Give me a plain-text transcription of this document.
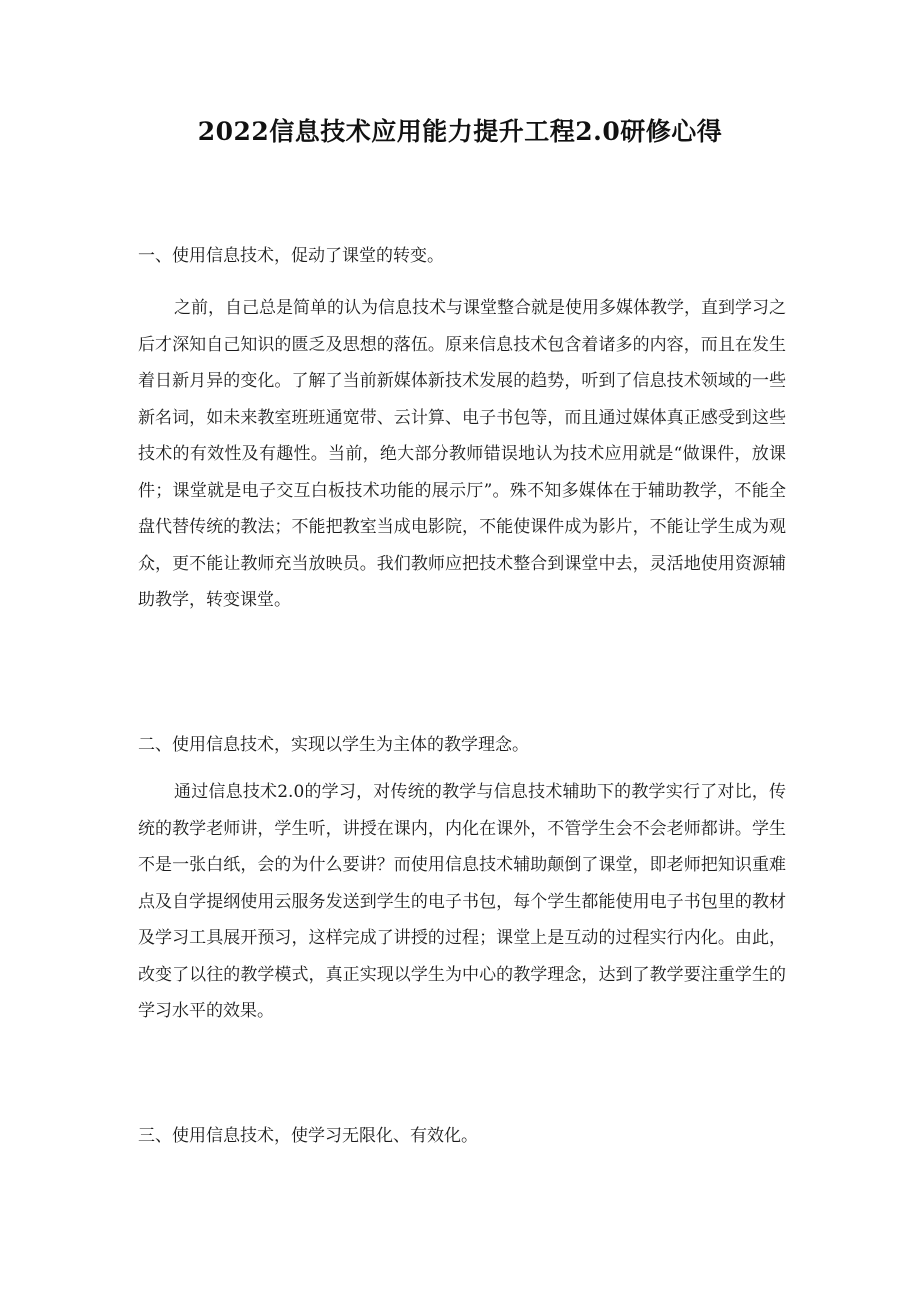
2022信息技术应用能力提升工程2.0研修心得

一、使用信息技术，促动了课堂的转变。

之前，自己总是简单的认为信息技术与课堂整合就是使用多媒体教学，直到学习之后才深知自己知识的匮乏及思想的落伍。原来信息技术包含着诸多的内容，而且在发生着日新月异的变化。了解了当前新媒体新技术发展的趋势，听到了信息技术领域的一些新名词，如未来教室班班通宽带、云计算、电子书包等，而且通过媒体真正感受到这些技术的有效性及有趣性。当前，绝大部分教师错误地认为技术应用就是“做课件，放课件；课堂就是电子交互白板技术功能的展示厅”。殊不知多媒体在于辅助教学，不能全盘代替传统的教法；不能把教室当成电影院，不能使课件成为影片，不能让学生成为观众，更不能让教师充当放映员。我们教师应把技术整合到课堂中去，灵活地使用资源辅助教学，转变课堂。

二、使用信息技术，实现以学生为主体的教学理念。

通过信息技术2.0的学习，对传统的教学与信息技术辅助下的教学实行了对比，传统的教学老师讲，学生听，讲授在课内，内化在课外，不管学生会不会老师都讲。学生不是一张白纸，会的为什么要讲？而使用信息技术辅助颠倒了课堂，即老师把知识重难点及自学提纲使用云服务发送到学生的电子书包，每个学生都能使用电子书包里的教材及学习工具展开预习，这样完成了讲授的过程；课堂上是互动的过程实行内化。由此，改变了以往的教学模式，真正实现以学生为中心的教学理念，达到了教学要注重学生的学习水平的效果。

三、使用信息技术，使学习无限化、有效化。
